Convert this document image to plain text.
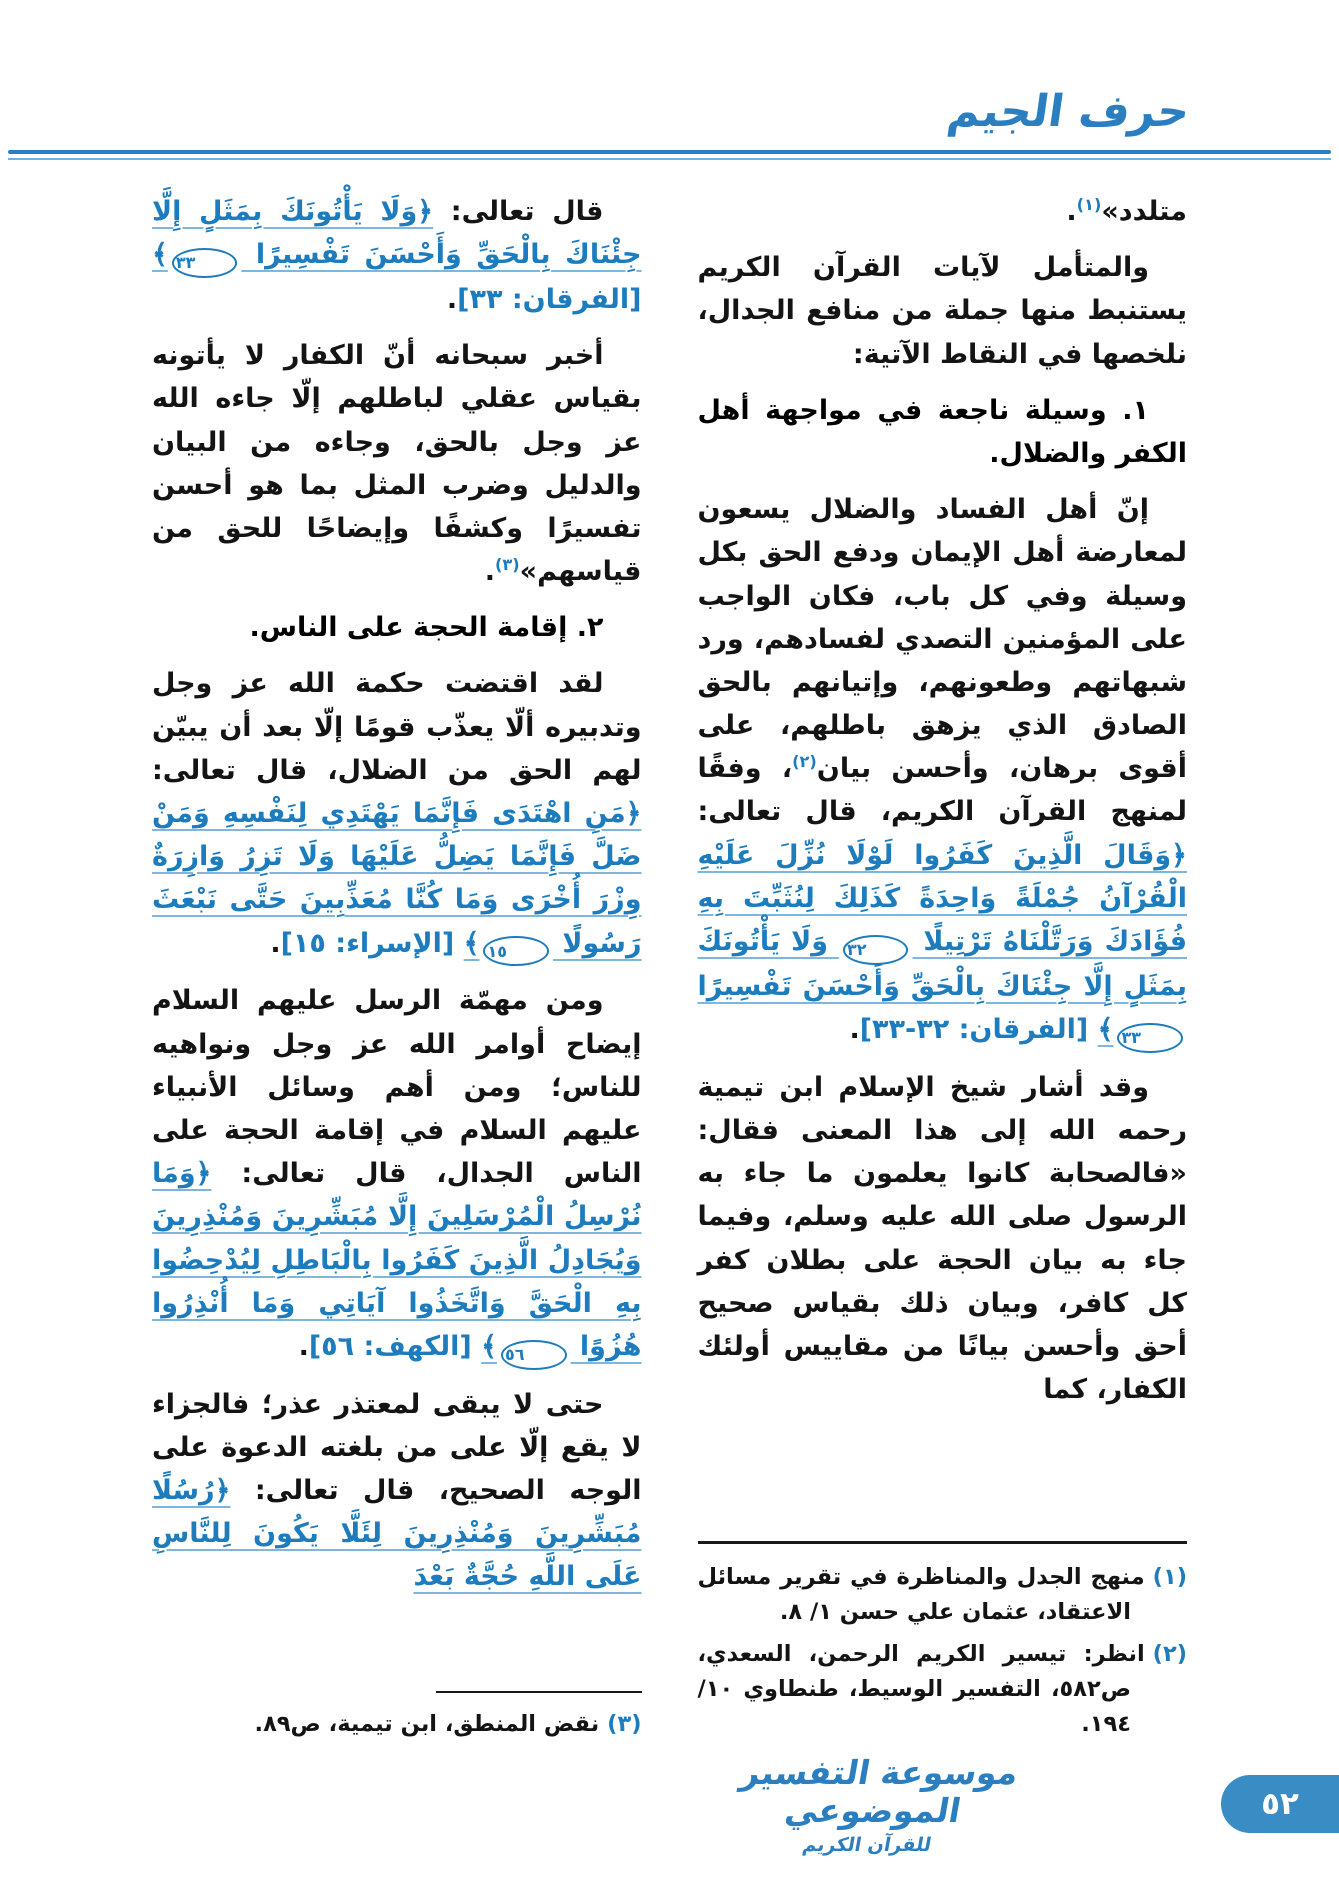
حرف الجيم

متلدد»$^{(١)}$.

والمتأمل لآيات القرآن الكريم يستنبط منها جملة من منافع الجدال، نلخصها في النقاط الآتية:

١. وسيلة ناجعة في مواجهة أهل الكفر والضلال.

إنّ أهل الفساد والضلال يسعون لمعارضة أهل الإيمان ودفع الحق بكل وسيلة وفي كل باب، فكان الواجب على المؤمنين التصدي لفسادهم، ورد شبهاتهم وطعونهم، وإتيانهم بالحق الصادق الذي يزهق باطلهم، على أقوى برهان، وأحسن بيان$^{(٢)}$، وفقًا لمنهج القرآن الكريم، قال تعالى: ﴿وَقَالَ الَّذِينَ كَفَرُوا لَوْلَا نُزِّلَ عَلَيْهِ الْقُرْآنُ جُمْلَةً وَاحِدَةً كَذَلِكَ لِنُثَبِّتَ بِهِ فُؤَادَكَ وَرَتَّلْنَاهُ تَرْتِيلًا ٣٢ وَلَا يَأْتُونَكَ بِمَثَلٍ إِلَّا جِئْنَاكَ بِالْحَقِّ وَأَحْسَنَ تَفْسِيرًا ٣٣﴾ [الفرقان: ٣٢-٣٣].

وقد أشار شيخ الإسلام ابن تيمية رحمه الله إلى هذا المعنى فقال: «فالصحابة كانوا يعلمون ما جاء به الرسول صلى الله عليه وسلم، وفيما جاء به بيان الحجة على بطلان كفر كل كافر، وبيان ذلك بقياس صحيح أحق وأحسن بيانًا من مقاييس أولئك الكفار، كما

(١)منهج الجدل والمناظرة في تقرير مسائل الاعتقاد، عثمان علي حسن ١/ ٨.

(٢)انظر: تيسير الكريم الرحمن، السعدي، ص٥٨٢، التفسير الوسيط، طنطاوي ١٠/ ١٩٤.

قال تعالى: ﴿وَلَا يَأْتُونَكَ بِمَثَلٍ إِلَّا جِئْنَاكَ بِالْحَقِّ وَأَحْسَنَ تَفْسِيرًا ٣٣﴾ [الفرقان: ٣٣].

أخبر سبحانه أنّ الكفار لا يأتونه بقياس عقلي لباطلهم إلّا جاءه الله عز وجل بالحق، وجاءه من البيان والدليل وضرب المثل بما هو أحسن تفسيرًا وكشفًا وإيضاحًا للحق من قياسهم»$^{(٣)}$.

٢. إقامة الحجة على الناس.

لقد اقتضت حكمة الله عز وجل وتدبيره ألّا يعذّب قومًا إلّا بعد أن يبيّن لهم الحق من الضلال، قال تعالى: ﴿مَنِ اهْتَدَى فَإِنَّمَا يَهْتَدِي لِنَفْسِهِ وَمَنْ ضَلَّ فَإِنَّمَا يَضِلُّ عَلَيْهَا وَلَا تَزِرُ وَازِرَةٌ وِزْرَ أُخْرَى وَمَا كُنَّا مُعَذِّبِينَ حَتَّى نَبْعَثَ رَسُولًا ١٥﴾ [الإسراء: ١٥].

ومن مهمّة الرسل عليهم السلام إيضاح أوامر الله عز وجل ونواهيه للناس؛ ومن أهم وسائل الأنبياء عليهم السلام في إقامة الحجة على الناس الجدال، قال تعالى: ﴿وَمَا نُرْسِلُ الْمُرْسَلِينَ إِلَّا مُبَشِّرِينَ وَمُنْذِرِينَ وَيُجَادِلُ الَّذِينَ كَفَرُوا بِالْبَاطِلِ لِيُدْحِضُوا بِهِ الْحَقَّ وَاتَّخَذُوا آيَاتِي وَمَا أُنْذِرُوا هُزُوًا ٥٦﴾ [الكهف: ٥٦].

حتى لا يبقى لمعتذر عذر؛ فالجزاء لا يقع إلّا على من بلغته الدعوة على الوجه الصحيح، قال تعالى: ﴿رُسُلًا مُبَشِّرِينَ وَمُنْذِرِينَ لِئَلَّا يَكُونَ لِلنَّاسِ عَلَى اللَّهِ حُجَّةٌ بَعْدَ

(٣)نقض المنطق، ابن تيمية، ص٨٩.

موسوعة التفسير الموضوعي
للقرآن الكريم
٥٢
